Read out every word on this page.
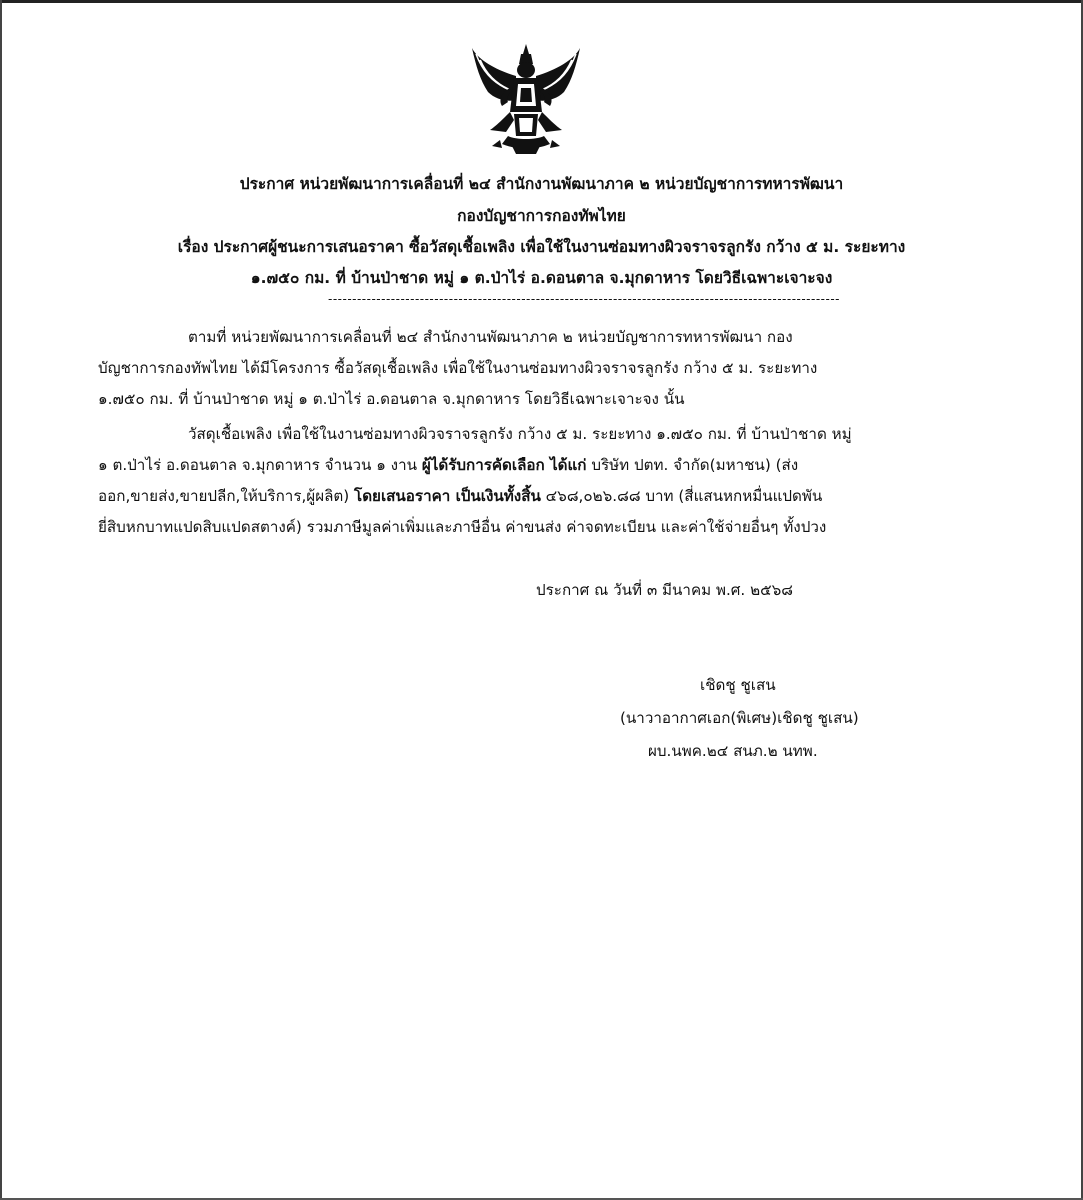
ประกาศ หน่วยพัฒนาการเคลื่อนที่ ๒๔ สำนักงานพัฒนาภาค ๒ หน่วยบัญชาการทหารพัฒนา
กองบัญชาการกองทัพไทย
เรื่อง ประกาศผู้ชนะการเสนอราคา ซื้อวัสดุเชื้อเพลิง เพื่อใช้ในงานซ่อมทางผิวจราจรลูกรัง กว้าง ๕ ม. ระยะทาง
๑.๗๕๐ กม. ที่ บ้านป่าชาด หมู่ ๑ ต.ป่าไร่ อ.ดอนตาล จ.มุกดาหาร โดยวิธีเฉพาะเจาะจง
----------------------------------------------------------------------------------------------------------
ตามที่ หน่วยพัฒนาการเคลื่อนที่ ๒๔ สำนักงานพัฒนาภาค ๒ หน่วยบัญชาการทหารพัฒนา กอง
บัญชาการกองทัพไทย ได้มีโครงการ ซื้อวัสดุเชื้อเพลิง เพื่อใช้ในงานซ่อมทางผิวจราจรลูกรัง กว้าง ๕ ม. ระยะทาง
๑.๗๕๐ กม. ที่ บ้านป่าชาด หมู่ ๑ ต.ป่าไร่ อ.ดอนตาล จ.มุกดาหาร โดยวิธีเฉพาะเจาะจง นั้น
วัสดุเชื้อเพลิง เพื่อใช้ในงานซ่อมทางผิวจราจรลูกรัง กว้าง ๕ ม. ระยะทาง ๑.๗๕๐ กม. ที่ บ้านป่าชาด หมู่
๑ ต.ป่าไร่ อ.ดอนตาล จ.มุกดาหาร จำนวน ๑ งาน ผู้ได้รับการคัดเลือก ได้แก่ บริษัท ปตท. จำกัด(มหาชน) (ส่ง
ออก,ขายส่ง,ขายปลีก,ให้บริการ,ผู้ผลิต) โดยเสนอราคา เป็นเงินทั้งสิ้น ๔๖๘,๐๒๖.๘๘ บาท (สี่แสนหกหมื่นแปดพัน
ยี่สิบหกบาทแปดสิบแปดสตางค์) รวมภาษีมูลค่าเพิ่มและภาษีอื่น ค่าขนส่ง ค่าจดทะเบียน และค่าใช้จ่ายอื่นๆ ทั้งปวง
ประกาศ ณ วันที่ ๓ มีนาคม พ.ศ. ๒๕๖๘
เชิดชู ชูเสน
(นาวาอากาศเอก(พิเศษ)เชิดชู ชูเสน)
ผบ.นพค.๒๔ สนภ.๒ นทพ.
